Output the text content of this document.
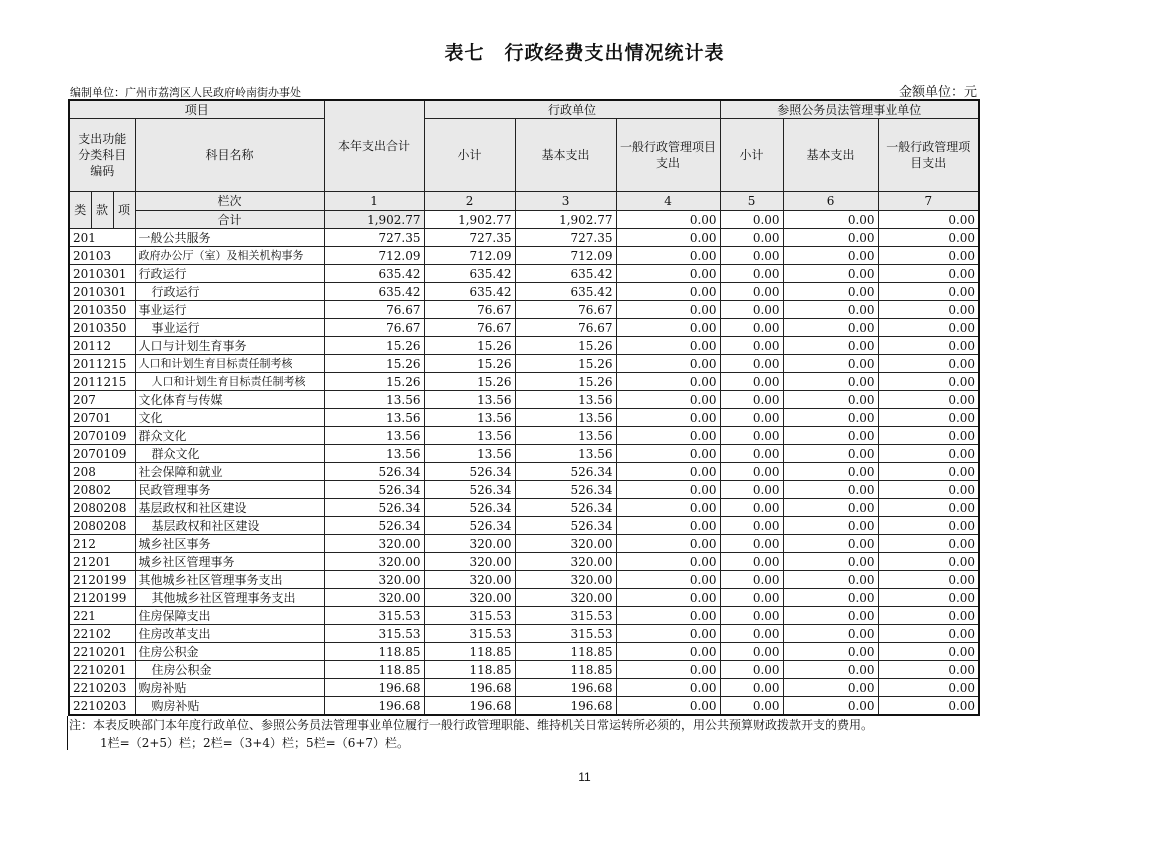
表七　行政经费支出情况统计表
编制单位：广州市荔湾区人民政府岭南街办事处	金额单位：元
项目				本年支出合计	行政单位			参照公务员法管理事业单位		
支出功能分类科目编码			科目名称		小计	基本支出	一般行政管理项目支出	小计	基本支出	一般行政管理项目支出
类	款	项	栏次	1	2	3	4	5	6	7
			合计	1,902.77	1,902.77	1,902.77	0.00	0.00	0.00	0.00
201			一般公共服务	727.35	727.35	727.35	0.00	0.00	0.00	0.00
20103			政府办公厅（室）及相关机构事务	712.09	712.09	712.09	0.00	0.00	0.00	0.00
2010301			行政运行	635.42	635.42	635.42	0.00	0.00	0.00	0.00
2010301			行政运行	635.42	635.42	635.42	0.00	0.00	0.00	0.00
2010350			事业运行	76.67	76.67	76.67	0.00	0.00	0.00	0.00
2010350			事业运行	76.67	76.67	76.67	0.00	0.00	0.00	0.00
20112			人口与计划生育事务	15.26	15.26	15.26	0.00	0.00	0.00	0.00
2011215			人口和计划生育目标责任制考核	15.26	15.26	15.26	0.00	0.00	0.00	0.00
2011215			人口和计划生育目标责任制考核	15.26	15.26	15.26	0.00	0.00	0.00	0.00
207			文化体育与传媒	13.56	13.56	13.56	0.00	0.00	0.00	0.00
20701			文化	13.56	13.56	13.56	0.00	0.00	0.00	0.00
2070109			群众文化	13.56	13.56	13.56	0.00	0.00	0.00	0.00
2070109			群众文化	13.56	13.56	13.56	0.00	0.00	0.00	0.00
208			社会保障和就业	526.34	526.34	526.34	0.00	0.00	0.00	0.00
20802			民政管理事务	526.34	526.34	526.34	0.00	0.00	0.00	0.00
2080208			基层政权和社区建设	526.34	526.34	526.34	0.00	0.00	0.00	0.00
2080208			基层政权和社区建设	526.34	526.34	526.34	0.00	0.00	0.00	0.00
212			城乡社区事务	320.00	320.00	320.00	0.00	0.00	0.00	0.00
21201			城乡社区管理事务	320.00	320.00	320.00	0.00	0.00	0.00	0.00
2120199			其他城乡社区管理事务支出	320.00	320.00	320.00	0.00	0.00	0.00	0.00
2120199			其他城乡社区管理事务支出	320.00	320.00	320.00	0.00	0.00	0.00	0.00
221			住房保障支出	315.53	315.53	315.53	0.00	0.00	0.00	0.00
22102			住房改革支出	315.53	315.53	315.53	0.00	0.00	0.00	0.00
2210201			住房公积金	118.85	118.85	118.85	0.00	0.00	0.00	0.00
2210201			住房公积金	118.85	118.85	118.85	0.00	0.00	0.00	0.00
2210203			购房补贴	196.68	196.68	196.68	0.00	0.00	0.00	0.00
2210203			购房补贴	196.68	196.68	196.68	0.00	0.00	0.00	0.00
注：本表反映部门本年度行政单位、参照公务员法管理事业单位履行一般行政管理职能、维持机关日常运转所必须的，用公共预算财政拨款开支的费用。
1栏=（2+5）栏；2栏=（3+4）栏；5栏=（6+7）栏。
11
